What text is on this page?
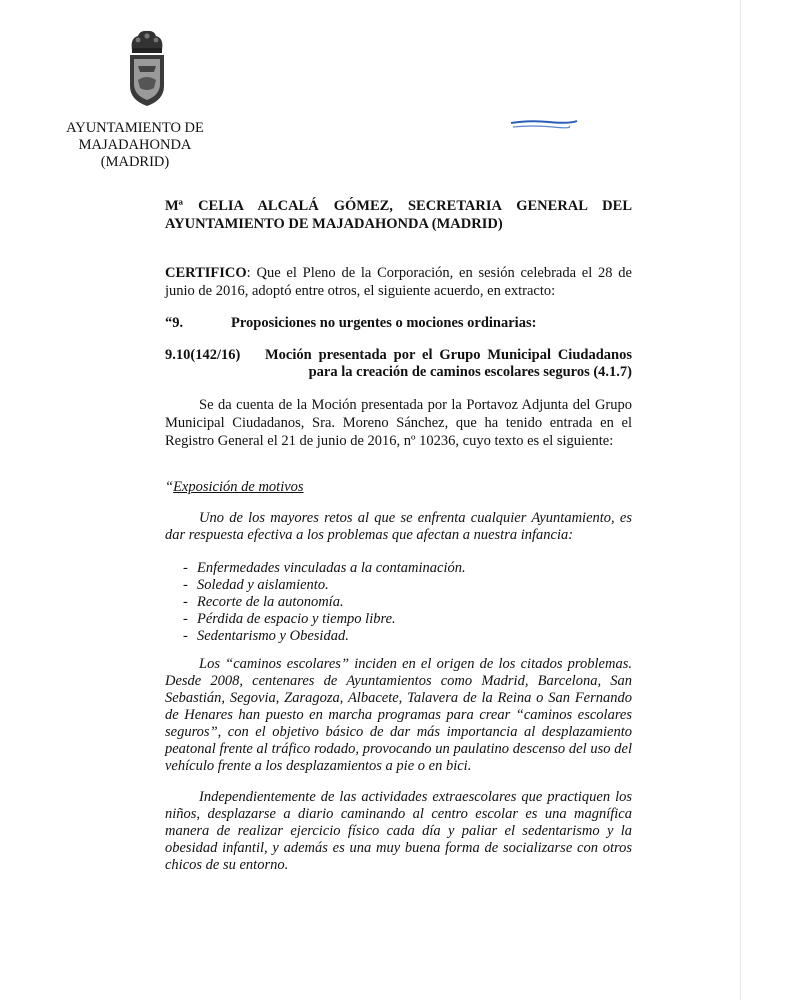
AYUNTAMIENTO DE
MAJADAHONDA
(MADRID)
Mª CELIA ALCALÁ GÓMEZ, SECRETARIA GENERAL DEL
AYUNTAMIENTO DE MAJADAHONDA (MADRID)
CERTIFICO: Que el Pleno de la Corporación, en sesión celebrada el 28 de junio de 2016, adoptó entre otros, el siguiente acuerdo, en extracto:
“9.	Proposiciones no urgentes o mociones ordinarias:
9.10(142/16) Moción presentada por el Grupo Municipal Ciudadanos
para la creación de caminos escolares seguros (4.1.7)
Se da cuenta de la Moción presentada por la Portavoz Adjunta del Grupo Municipal Ciudadanos, Sra. Moreno Sánchez, que ha tenido entrada en el Registro General el 21 de junio de 2016, nº 10236, cuyo texto es el siguiente:
“Exposición de motivos
Uno de los mayores retos al que se enfrenta cualquier Ayuntamiento, es dar respuesta efectiva a los problemas que afectan a nuestra infancia:
- Enfermedades vinculadas a la contaminación.
- Soledad y aislamiento.
- Recorte de la autonomía.
- Pérdida de espacio y tiempo libre.
- Sedentarismo y Obesidad.
Los “caminos escolares” inciden en el origen de los citados problemas. Desde 2008, centenares de Ayuntamientos como Madrid, Barcelona, San Sebastián, Segovia, Zaragoza, Albacete, Talavera de la Reina o San Fernando de Henares han puesto en marcha programas para crear “caminos escolares seguros”, con el objetivo básico de dar más importancia al desplazamiento peatonal frente al tráfico rodado, provocando un paulatino descenso del uso del vehículo frente a los desplazamientos a pie o en bici.
Independientemente de las actividades extraescolares que practiquen los niños, desplazarse a diario caminando al centro escolar es una magnífica manera de realizar ejercicio físico cada día y paliar el sedentarismo y la obesidad infantil, y además es una muy buena forma de socializarse con otros chicos de su entorno.
